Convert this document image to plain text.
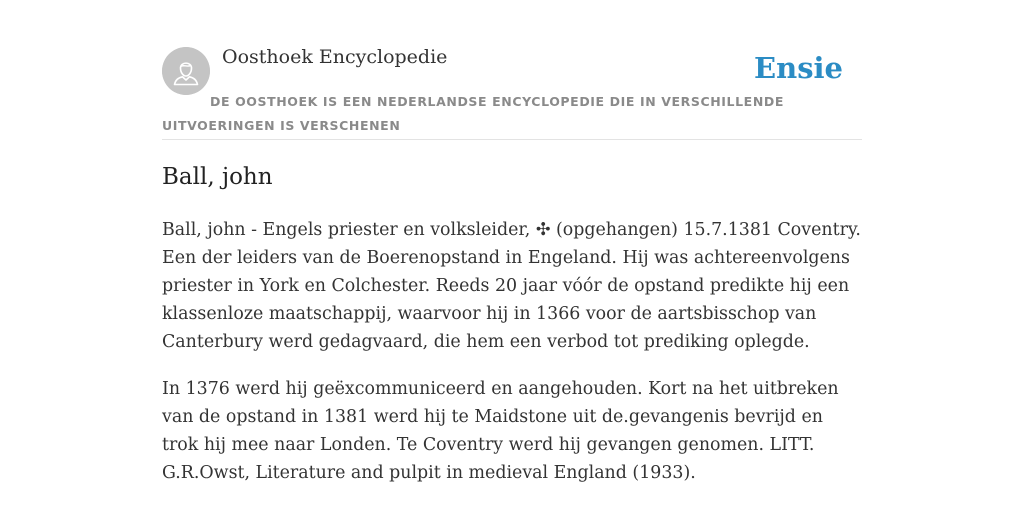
Oosthoek Encyclopedie	Ensie

DE OOSTHOEK IS EEN NEDERLANDSE ENCYCLOPEDIE DIE IN VERSCHILLENDE UITVOERINGEN IS VERSCHENEN

Ball, john

Ball, john - Engels priester en volksleider, ✣ (opgehangen) 15.7.1381 Coventry. Een der leiders van de Boerenopstand in Engeland. Hij was achtereenvolgens priester in York en Colchester. Reeds 20 jaar vóór de opstand predikte hij een klassenloze maatschappij, waarvoor hij in 1366 voor de aartsbisschop van Canterbury werd gedagvaard, die hem een verbod tot prediking oplegde.

In 1376 werd hij geëxcommuniceerd en aangehouden. Kort na het uitbreken van de opstand in 1381 werd hij te Maidstone uit de.gevangenis bevrijd en trok hij mee naar Londen. Te Coventry werd hij gevangen genomen. LITT. G.R.Owst, Literature and pulpit in medieval England (1933).
